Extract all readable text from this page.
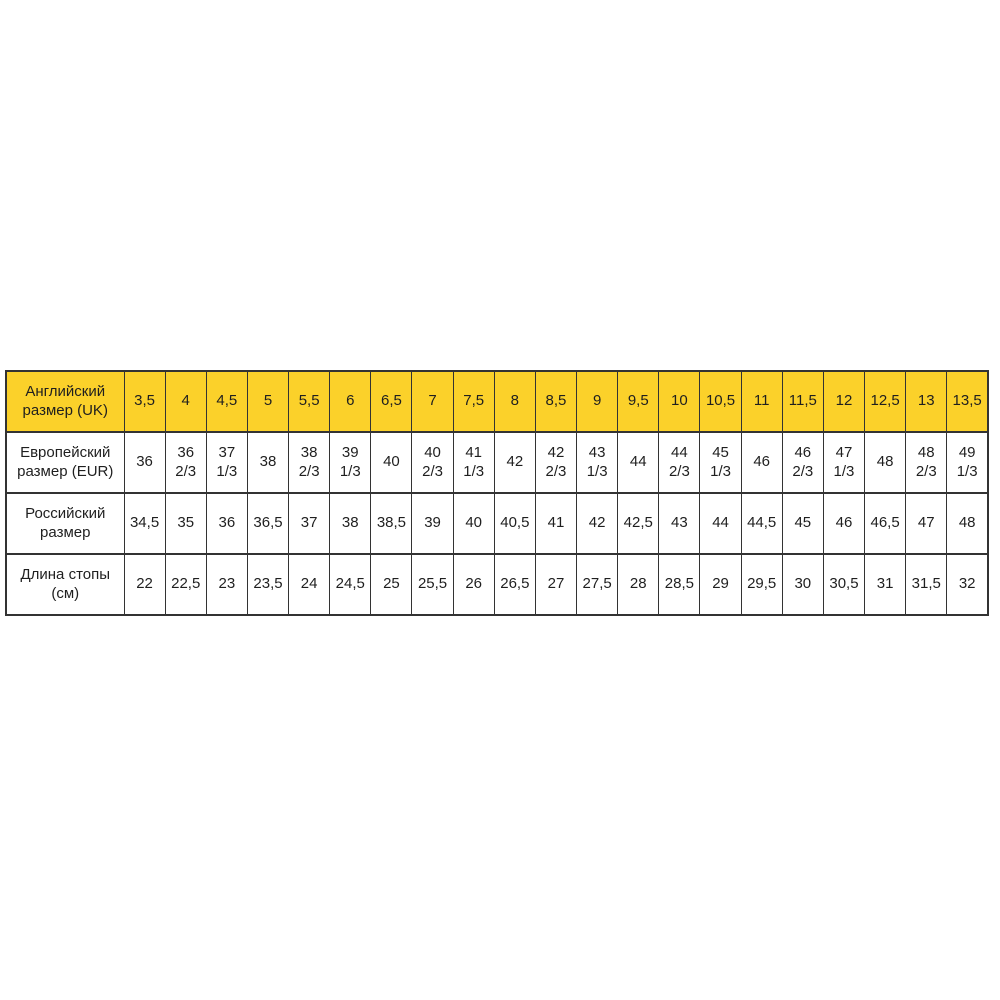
Английский размер (UK)	3,5	4	4,5	5	5,5	6	6,5	7	7,5	8	8,5	9	9,5	10	10,5	11	11,5	12	12,5	13	13,5
Европейский размер (EUR)	36	36 2/3	37 1/3	38	38 2/3	39 1/3	40	40 2/3	41 1/3	42	42 2/3	43 1/3	44	44 2/3	45 1/3	46	46 2/3	47 1/3	48	48 2/3	49 1/3
Российский размер	34,5	35	36	36,5	37	38	38,5	39	40	40,5	41	42	42,5	43	44	44,5	45	46	46,5	47	48
Длина стопы (см)	22	22,5	23	23,5	24	24,5	25	25,5	26	26,5	27	27,5	28	28,5	29	29,5	30	30,5	31	31,5	32
